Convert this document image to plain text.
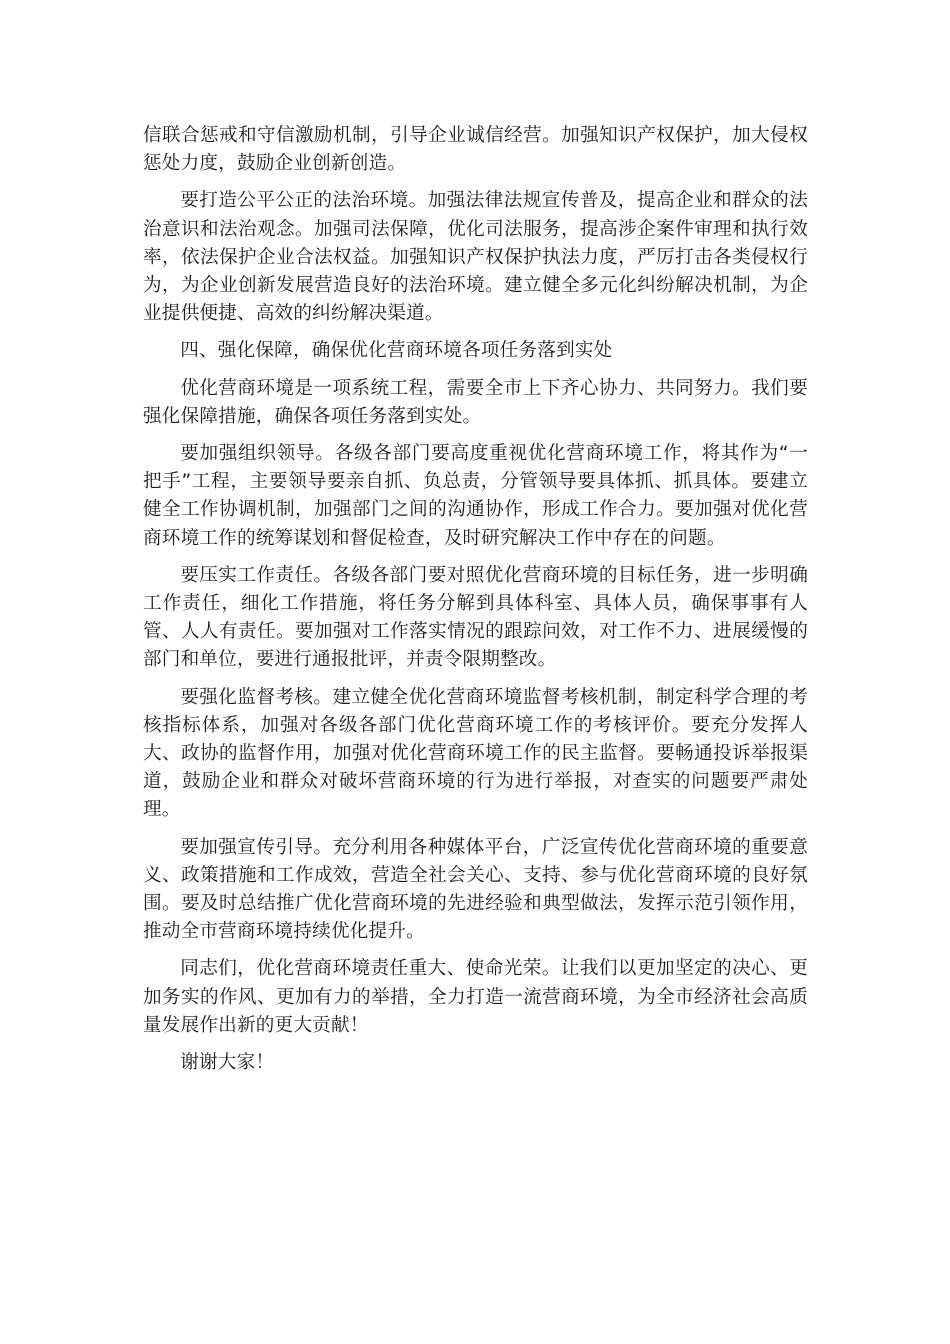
信联合惩戒和守信激励机制，引导企业诚信经营。加强知识产权保护，加大侵权惩处力度，鼓励企业创新创造。

要打造公平公正的法治环境。加强法律法规宣传普及，提高企业和群众的法治意识和法治观念。加强司法保障，优化司法服务，提高涉企案件审理和执行效率，依法保护企业合法权益。加强知识产权保护执法力度，严厉打击各类侵权行为，为企业创新发展营造良好的法治环境。建立健全多元化纠纷解决机制，为企业提供便捷、高效的纠纷解决渠道。

四、强化保障，确保优化营商环境各项任务落到实处

优化营商环境是一项系统工程，需要全市上下齐心协力、共同努力。我们要强化保障措施，确保各项任务落到实处。

要加强组织领导。各级各部门要高度重视优化营商环境工作，将其作为“一把手”工程，主要领导要亲自抓、负总责，分管领导要具体抓、抓具体。要建立健全工作协调机制，加强部门之间的沟通协作，形成工作合力。要加强对优化营商环境工作的统筹谋划和督促检查，及时研究解决工作中存在的问题。

要压实工作责任。各级各部门要对照优化营商环境的目标任务，进一步明确工作责任，细化工作措施，将任务分解到具体科室、具体人员，确保事事有人管、人人有责任。要加强对工作落实情况的跟踪问效，对工作不力、进展缓慢的部门和单位，要进行通报批评，并责令限期整改。

要强化监督考核。建立健全优化营商环境监督考核机制，制定科学合理的考核指标体系，加强对各级各部门优化营商环境工作的考核评价。要充分发挥人大、政协的监督作用，加强对优化营商环境工作的民主监督。要畅通投诉举报渠道，鼓励企业和群众对破坏营商环境的行为进行举报，对查实的问题要严肃处理。

要加强宣传引导。充分利用各种媒体平台，广泛宣传优化营商环境的重要意义、政策措施和工作成效，营造全社会关心、支持、参与优化营商环境的良好氛围。要及时总结推广优化营商环境的先进经验和典型做法，发挥示范引领作用，推动全市营商环境持续优化提升。

同志们，优化营商环境责任重大、使命光荣。让我们以更加坚定的决心、更加务实的作风、更加有力的举措，全力打造一流营商环境，为全市经济社会高质量发展作出新的更大贡献！

谢谢大家！
